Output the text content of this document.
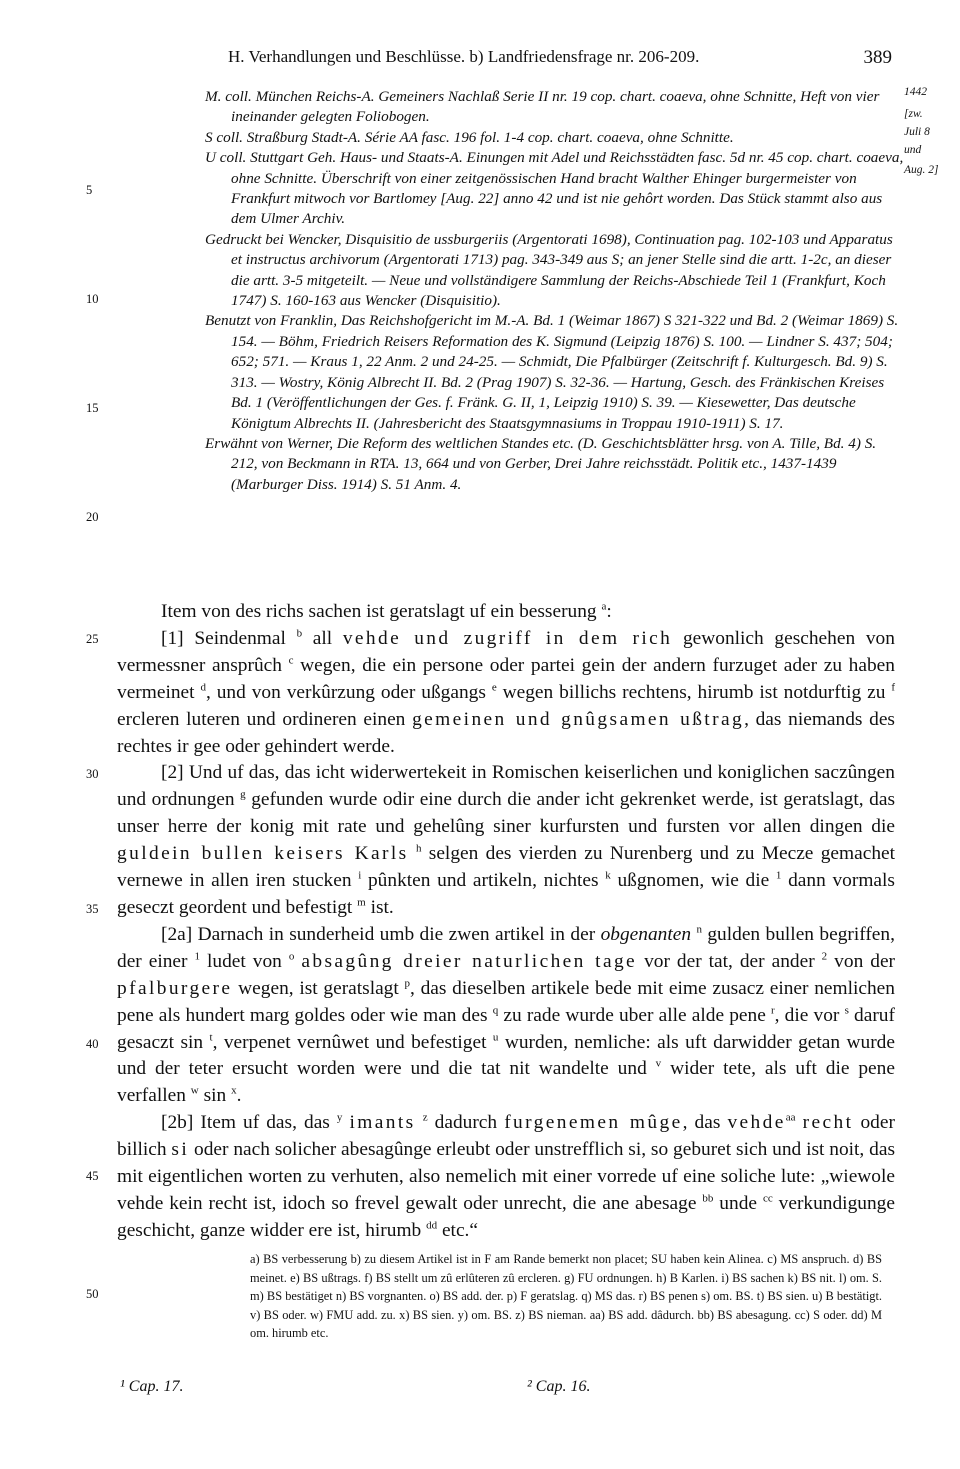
H. Verhandlungen und Beschlüsse. b) Landfriedensfrage nr. 206-209.	389

M. coll. München Reichs-A. Gemeiners Nachlaß Serie II nr. 19 cop. chart. coaeva, ohne Schnitte, Heft von vier ineinander gelegten Foliobogen.

S coll. Straßburg Stadt-A. Série AA fasc. 196 fol. 1-4 cop. chart. coaeva, ohne Schnitte.

U coll. Stuttgart Geh. Haus- und Staats-A. Einungen mit Adel und Reichsstädten fasc. 5d nr. 45 cop. chart. coaeva, ohne Schnitte. Überschrift von einer zeitgenössischen Hand bracht Walther Ehinger burgermeister von Frankfurt mitwoch vor Bartlomey [Aug. 22] anno 42 und ist nie gehôrt worden. Das Stück stammt also aus dem Ulmer Archiv.

Gedruckt bei Wencker, Disquisitio de ussburgeriis (Argentorati 1698), Continuation pag. 102-103 und Apparatus et instructus archivorum (Argentorati 1713) pag. 343-349 aus S; an jener Stelle sind die artt. 1-2c, an dieser die artt. 3-5 mitgeteilt. — Neue und vollständigere Sammlung der Reichs-Abschiede Teil 1 (Frankfurt, Koch 1747) S. 160-163 aus Wencker (Disquisitio).

Benutzt von Franklin, Das Reichshofgericht im M.-A. Bd. 1 (Weimar 1867) S 321-322 und Bd. 2 (Weimar 1869) S. 154. — Böhm, Friedrich Reisers Reformation des K. Sigmund (Leipzig 1876) S. 100. — Lindner S. 437; 504; 652; 571. — Kraus 1, 22 Anm. 2 und 24-25. — Schmidt, Die Pfalbürger (Zeitschrift f. Kulturgesch. Bd. 9) S. 313. — Wostry, König Albrecht II. Bd. 2 (Prag 1907) S. 32-36. — Hartung, Gesch. des Fränkischen Kreises Bd. 1 (Veröffentlichungen der Ges. f. Fränk. G. II, 1, Leipzig 1910) S. 39. — Kiesewetter, Das deutsche Königtum Albrechts II. (Jahresbericht des Staatsgymnasiums in Troppau 1910-1911) S. 17.

Erwähnt von Werner, Die Reform des weltlichen Standes etc. (D. Geschichtsblätter hrsg. von A. Tille, Bd. 4) S. 212, von Beckmann in RTA. 13, 664 und von Gerber, Drei Jahre reichsstädt. Politik etc., 1437-1439 (Marburger Diss. 1914) S. 51 Anm. 4.

1442
[zw.
Juli 8
und
Aug. 2]
5
10
15
20
25
30
35
40
45
50

Item von des richs sachen ist geratslagt uf ein besserung $^a$:

[1] Seindenmal $^b$ all vehde und zugriff in dem rich gewonlich geschehen von vermessner ansprûch $^c$ wegen, die ein persone oder partei gein der andern furzuget ader zu haben vermeinet $^d$, und von verkûrzung oder ußgangs $^e$ wegen billichs rechtens, hirumb ist notdurftig zu $^f$ ercleren luteren und ordineren einen gemeinen und gnûgsamen ußtrag, das niemands des rechtes ir gee oder gehindert werde.

[2] Und uf das, das icht widerwertekeit in Romischen keiserlichen und koniglichen saczûngen und ordnungen $^g$ gefunden wurde odir eine durch die ander icht gekrenket werde, ist geratslagt, das unser herre der konig mit rate und gehelûng siner kurfursten und fursten vor allen dingen die guldein bullen keisers Karls $^h$ selgen des vierden zu Nurenberg und zu Mecze gemachet vernewe in allen iren stucken $^i$ pûnkten und artikeln, nichtes $^k$ ußgnomen, wie die $^1$ dann vormals geseczt geordent und befestigt $^m$ ist.

[2a] Darnach in sunderheid umb die zwen artikel in der obgenanten $^n$ gulden bullen begriffen, der einer $^1$ ludet von $^o$ absagûng dreier naturlichen tage vor der tat, der ander $^2$ von der pfalburgere wegen, ist geratslagt $^p$, das dieselben artikele bede mit eime zusacz einer nemlichen pene als hundert marg goldes oder wie man des $^q$ zu rade wurde uber alle alde pene $^r$, die vor $^s$ daruf gesaczt sin $^t$, verpenet vernûwet und befestiget $^u$ wurden, nemliche: als uft darwidder getan wurde und der teter ersucht worden were und die tat nit wandelte und $^v$ wider tete, als uft die pene verfallen $^w$ sin $^x$.

[2b] Item uf das, das $^y$ imants $^z$ dadurch furgenemen mûge, das vehde$^{aa}$ recht oder billich si oder nach solicher abesagûnge erleubt oder unstrefflich si, so geburet sich und ist noit, das mit eigentlichen worten zu verhuten, also nemelich mit einer vorrede uf eine soliche lute: „wiewole vehde kein recht ist, idoch so frevel gewalt oder unrecht, die ane abesage $^{bb}$ unde $^{cc}$ verkundigunge geschicht, ganze widder ere ist, hirumb $^{dd}$ etc.“

a) BS verbesserung b) zu diesem Artikel ist in F am Rande bemerkt non placet; SU haben kein Alinea. c) MS anspruch. d) BS meinet. e) BS ußtrags. f) BS stellt um zû erlûteren zû ercleren. g) FU ordnungen. h) B Karlen. i) BS sachen k) BS nit. l) om. S. m) BS bestätiget n) BS vorgnanten. o) BS add. der. p) F geratslag. q) MS das. r) BS penen s) om. BS. t) BS sien. u) B bestätigt. v) BS oder. w) FMU add. zu. x) BS sien. y) om. BS. z) BS nieman. aa) BS add. dâdurch. bb) BS abesagung. cc) S oder. dd) M om. hirumb etc.
¹ Cap. 17.	² Cap. 16.
